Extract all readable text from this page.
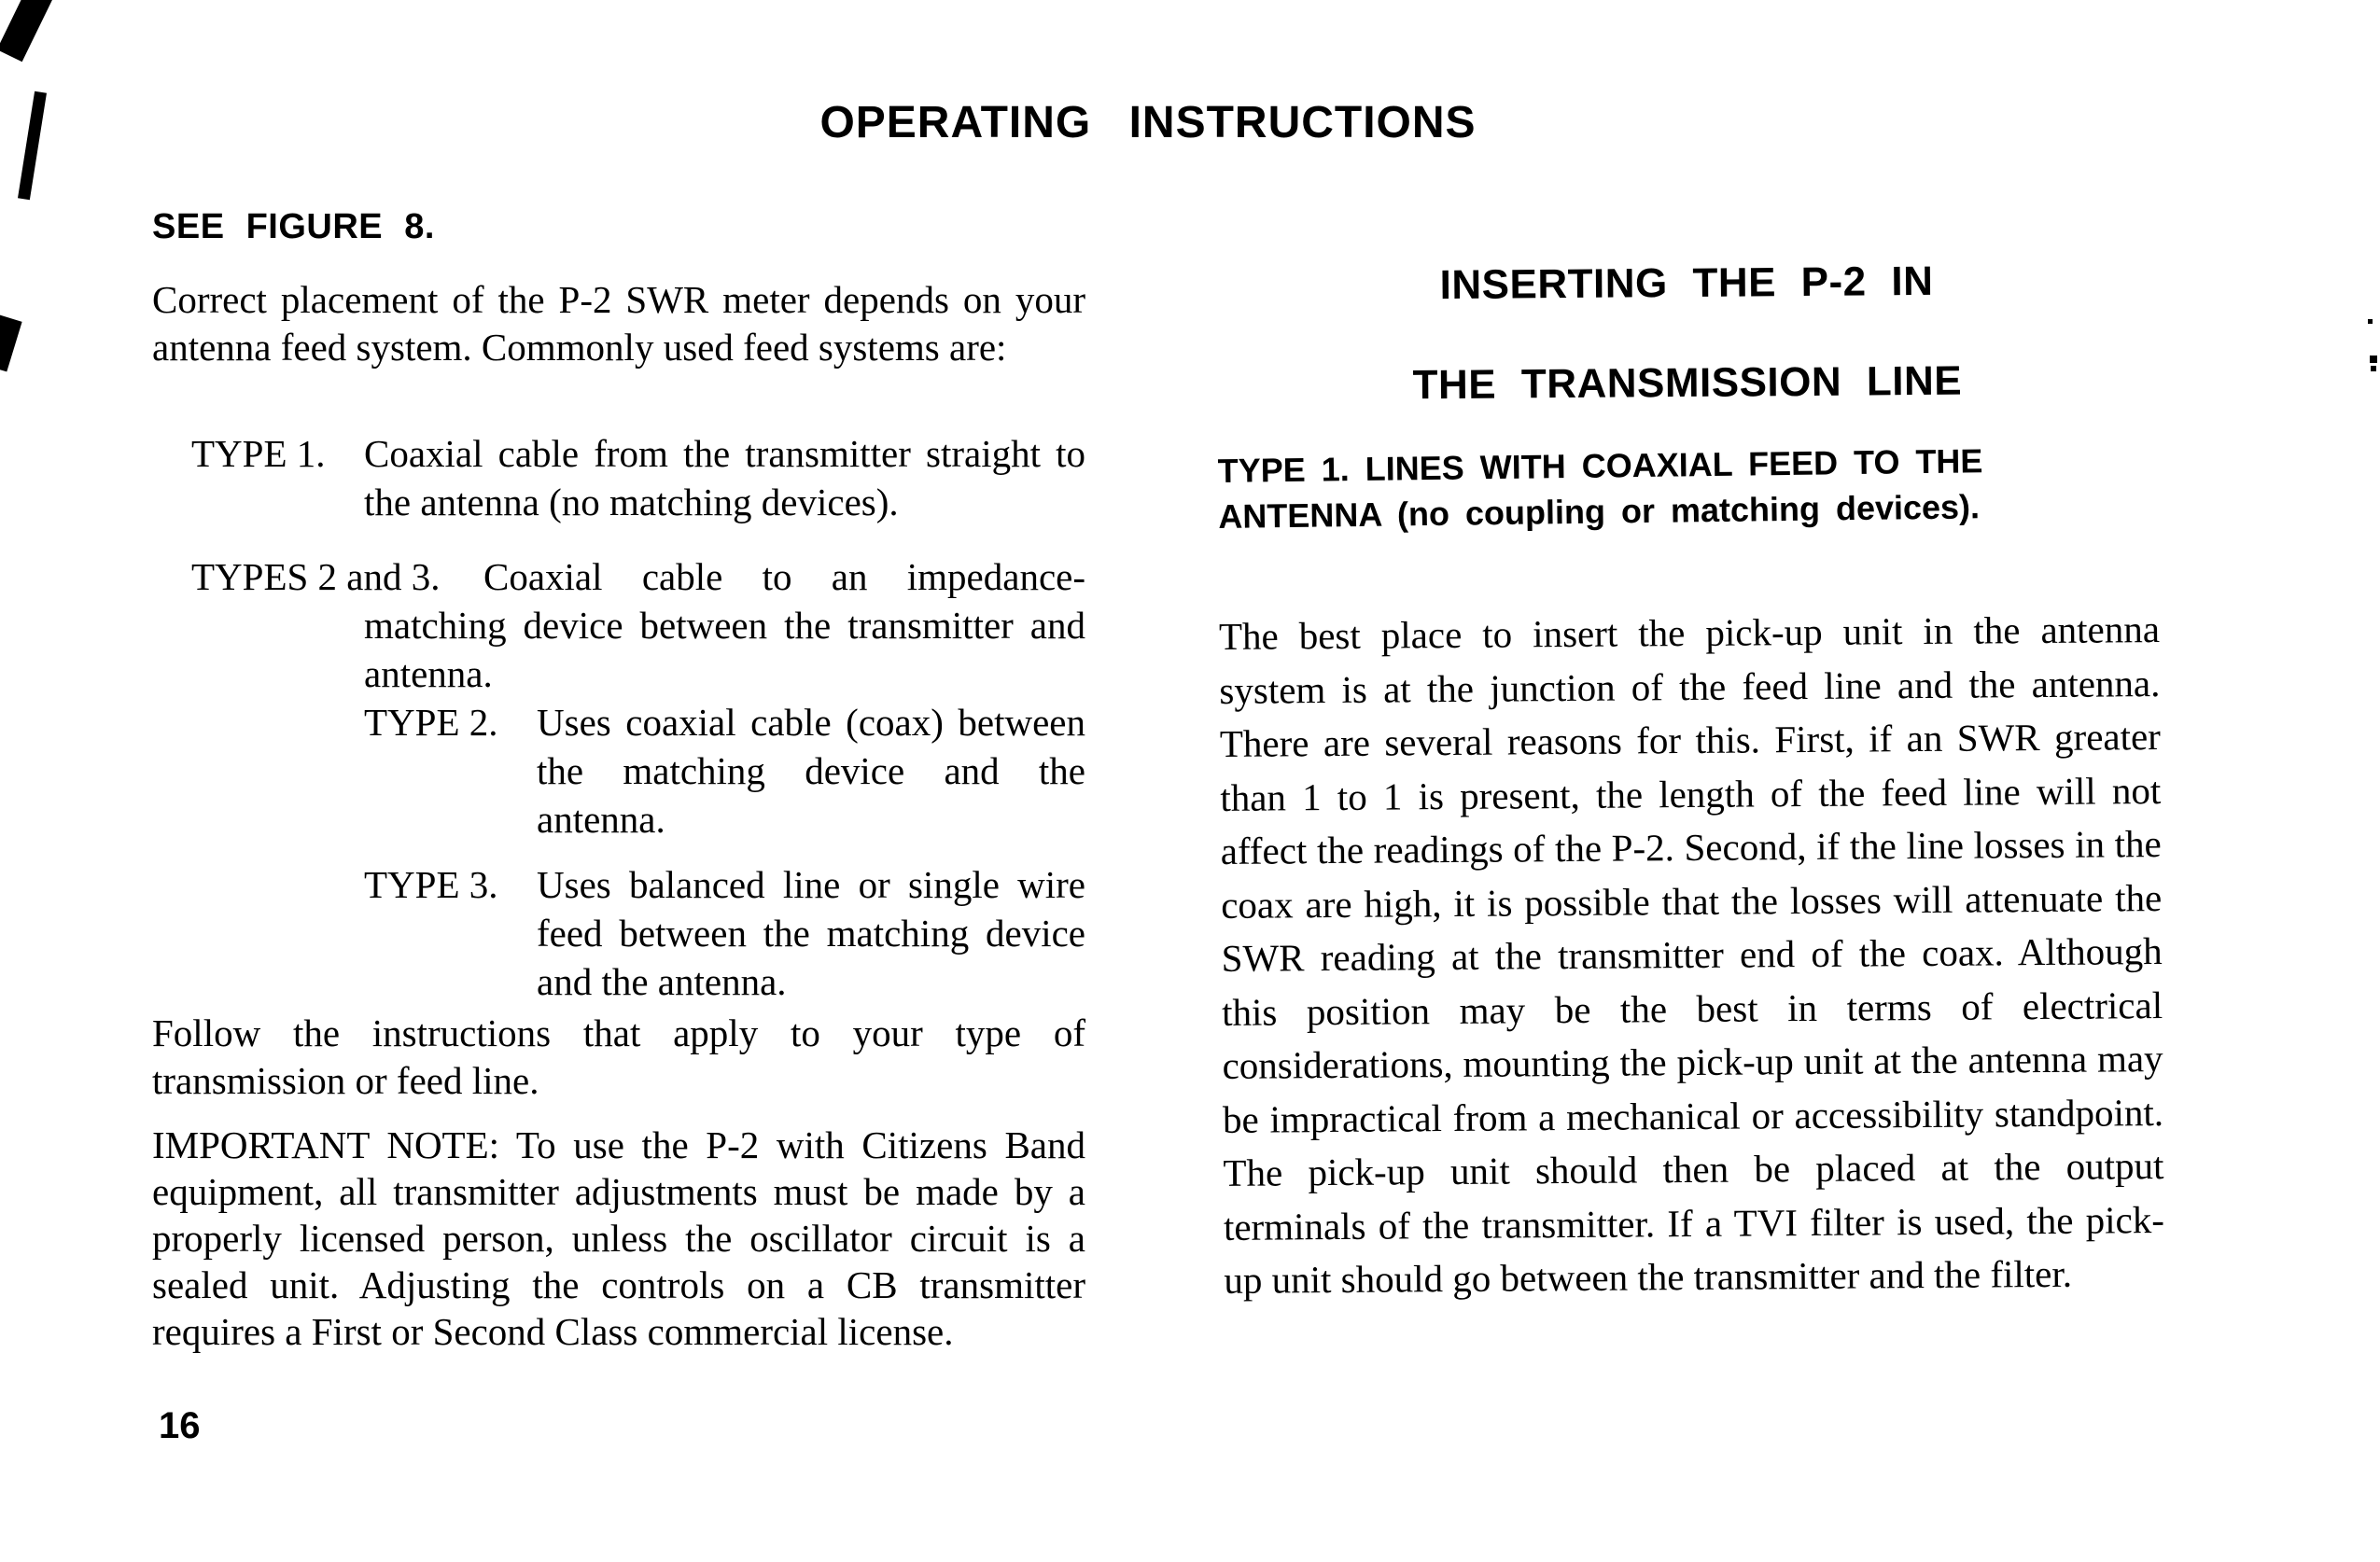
OPERATING INSTRUCTIONS
SEE FIGURE 8.

Correct placement of the P-2 SWR meter depends on your antenna feed system. Commonly used feed systems are:

TYPE 1. Coaxial cable from the transmitter straight to the antenna (no matching devices).
TYPES 2 and 3.	Coaxial cable to an impedance-matching device between the transmitter and antenna.
TYPE 2. Uses coaxial cable (coax) between the matching device and the antenna.
TYPE 3. Uses balanced line or single wire feed between the matching device and the antenna.

Follow the instructions that apply to your type of transmission or feed line.

IMPORTANT NOTE: To use the P-2 with Citizens Band equipment, all transmitter adjustments must be made by a properly licensed person, unless the oscillator circuit is a sealed unit. Adjusting the controls on a CB transmitter requires a First or Second Class commercial license.

16
INSERTING THE P-2 IN
THE TRANSMISSION LINE
TYPE 1. LINES WITH COAXIAL FEED TO THE
ANTENNA (no coupling or matching devices).

The best place to insert the pick-up unit in the antenna system is at the junction of the feed line and the antenna. There are several reasons for this. First, if an SWR greater than 1 to 1 is present, the length of the feed line will not affect the readings of the P-2. Second, if the line losses in the coax are high, it is possible that the losses will attenuate the SWR reading at the transmitter end of the coax. Although this position may be the best in terms of electrical considerations, mounting the pick-up unit at the antenna may be impractical from a mechanical or accessibility standpoint. The pick-up unit should then be placed at the output terminals of the transmitter. If a TVI filter is used, the pick-up unit should go between the transmitter and the filter.
